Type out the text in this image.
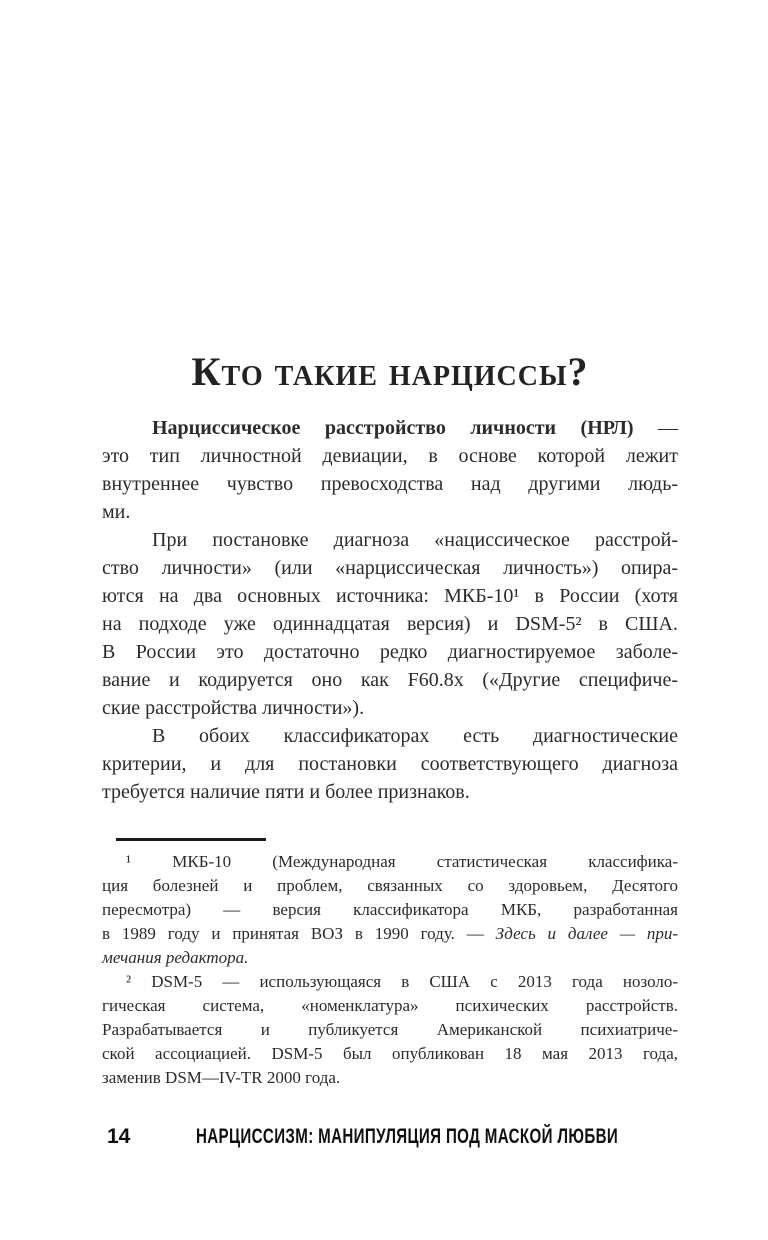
Кто такие нарциссы?
Нарциссическое расстройство личности (НРЛ) —
это тип личностной девиации, в основе которой лежит
внутреннее чувство превосходства над другими людь-
ми.
При постановке диагноза «нациссическое расстрой-
ство личности» (или «нарциссическая личность») опира-
ются на два основных источника: МКБ-10¹ в России (хотя
на подходе уже одиннадцатая версия) и DSM-5² в США.
В России это достаточно редко диагностируемое заболе-
вание и кодируется оно как F60.8x («Другие специфиче-
ские расстройства личности»).
В обоих классификаторах есть диагностические
критерии, и для постановки соответствующего диагноза
требуется наличие пяти и более признаков.
¹ МКБ-10 (Международная статистическая классифика-
ция болезней и проблем, связанных со здоровьем, Десятого
пересмотра) — версия классификатора МКБ, разработанная
в 1989 году и принятая ВОЗ в 1990 году. — Здесь и далее — при-
мечания редактора.
² DSM-5 — использующаяся в США с 2013 года нозоло-
гическая система, «номенклатура» психических расстройств.
Разрабатывается и публикуется Американской психиатриче-
ской ассоциацией. DSM-5 был опубликован 18 мая 2013 года,
заменив DSM—IV-TR 2000 года.
14	НАРЦИССИЗМ: МАНИПУЛЯЦИЯ ПОД МАСКОЙ ЛЮБВИ
